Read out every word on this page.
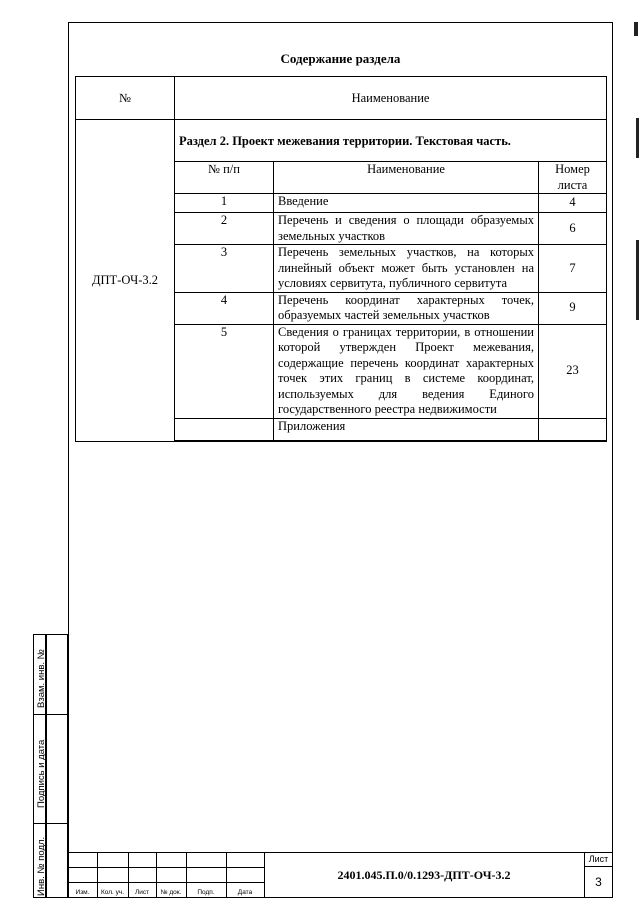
Содержание раздела
№	Наименование
ДПТ-ОЧ-3.2	
Раздел 2. Проект межевания территории. Текстовая часть.
№ п/п	Наименование	Номер листа
1	Введение	4
2	Перечень и сведения о площади образуемых земельных участков	6
3	Перечень земельных участков, на которых линейный объект может быть установлен на условиях сервитута, публичного сервитута	7
4	Перечень координат характерных точек, образуемых частей земельных участков	9
5	Сведения о границах территории, в отношении которой утвержден Проект межевания, содержащие перечень координат характерных точек этих границ в системе координат, используемых для ведения Единого государственного реестра недвижимости	23
	Приложения	
Взам. инв. №
Подпись и дата
Инв. № подл.	Изм.	Кол. уч.	Лист	№ док.	Подп.	Дата
2401.045.П.0/0.1293-ДПТ-ОЧ-3.2
Лист
3
